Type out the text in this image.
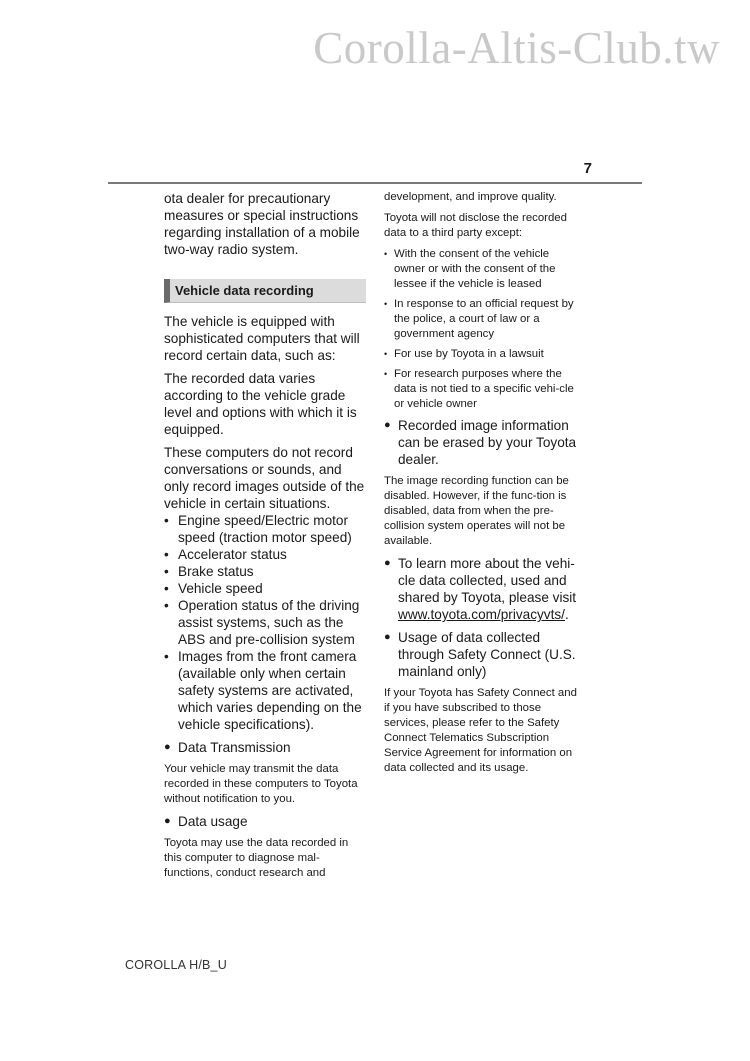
Corolla-Altis-Club.tw
7

ota dealer for precautionary measures or special instructions regarding installation of a mobile two-way radio system.

Vehicle data recording

The vehicle is equipped with sophisticated computers that will record certain data, such as:

The recorded data varies according to the vehicle grade level and options with which it is equipped.

These computers do not record conversations or sounds, and only record images outside of the vehicle in certain situations.

• Engine speed/Electric motor speed (traction motor speed)
• Accelerator status
• Brake status
• Vehicle speed
• Operation status of the driving assist systems, such as the ABS and pre-collision system
• Images from the front camera (available only when certain safety systems are activated, which varies depending on the vehicle specifications).
● Data Transmission

Your vehicle may transmit the data recorded in these computers to Toyota without notification to you.

● Data usage

Toyota may use the data recorded in this computer to diagnose mal-functions, conduct research and

development, and improve quality.

Toyota will not disclose the recorded data to a third party except:

• With the consent of the vehicle owner or with the consent of the lessee if the vehicle is leased
• In response to an official request by the police, a court of law or a government agency
• For use by Toyota in a lawsuit
• For research purposes where the data is not tied to a specific vehi-cle or vehicle owner
● Recorded image information can be erased by your Toyota dealer.

The image recording function can be disabled. However, if the func-tion is disabled, data from when the pre-collision system operates will not be available.

● To learn more about the vehi-cle data collected, used and shared by Toyota, please visit www.toyota.com/privacyvts/.
● Usage of data collected through Safety Connect (U.S. mainland only)

If your Toyota has Safety Connect and if you have subscribed to those services, please refer to the Safety Connect Telematics Subscription Service Agreement for information on data collected and its usage.

COROLLA H/B_U
